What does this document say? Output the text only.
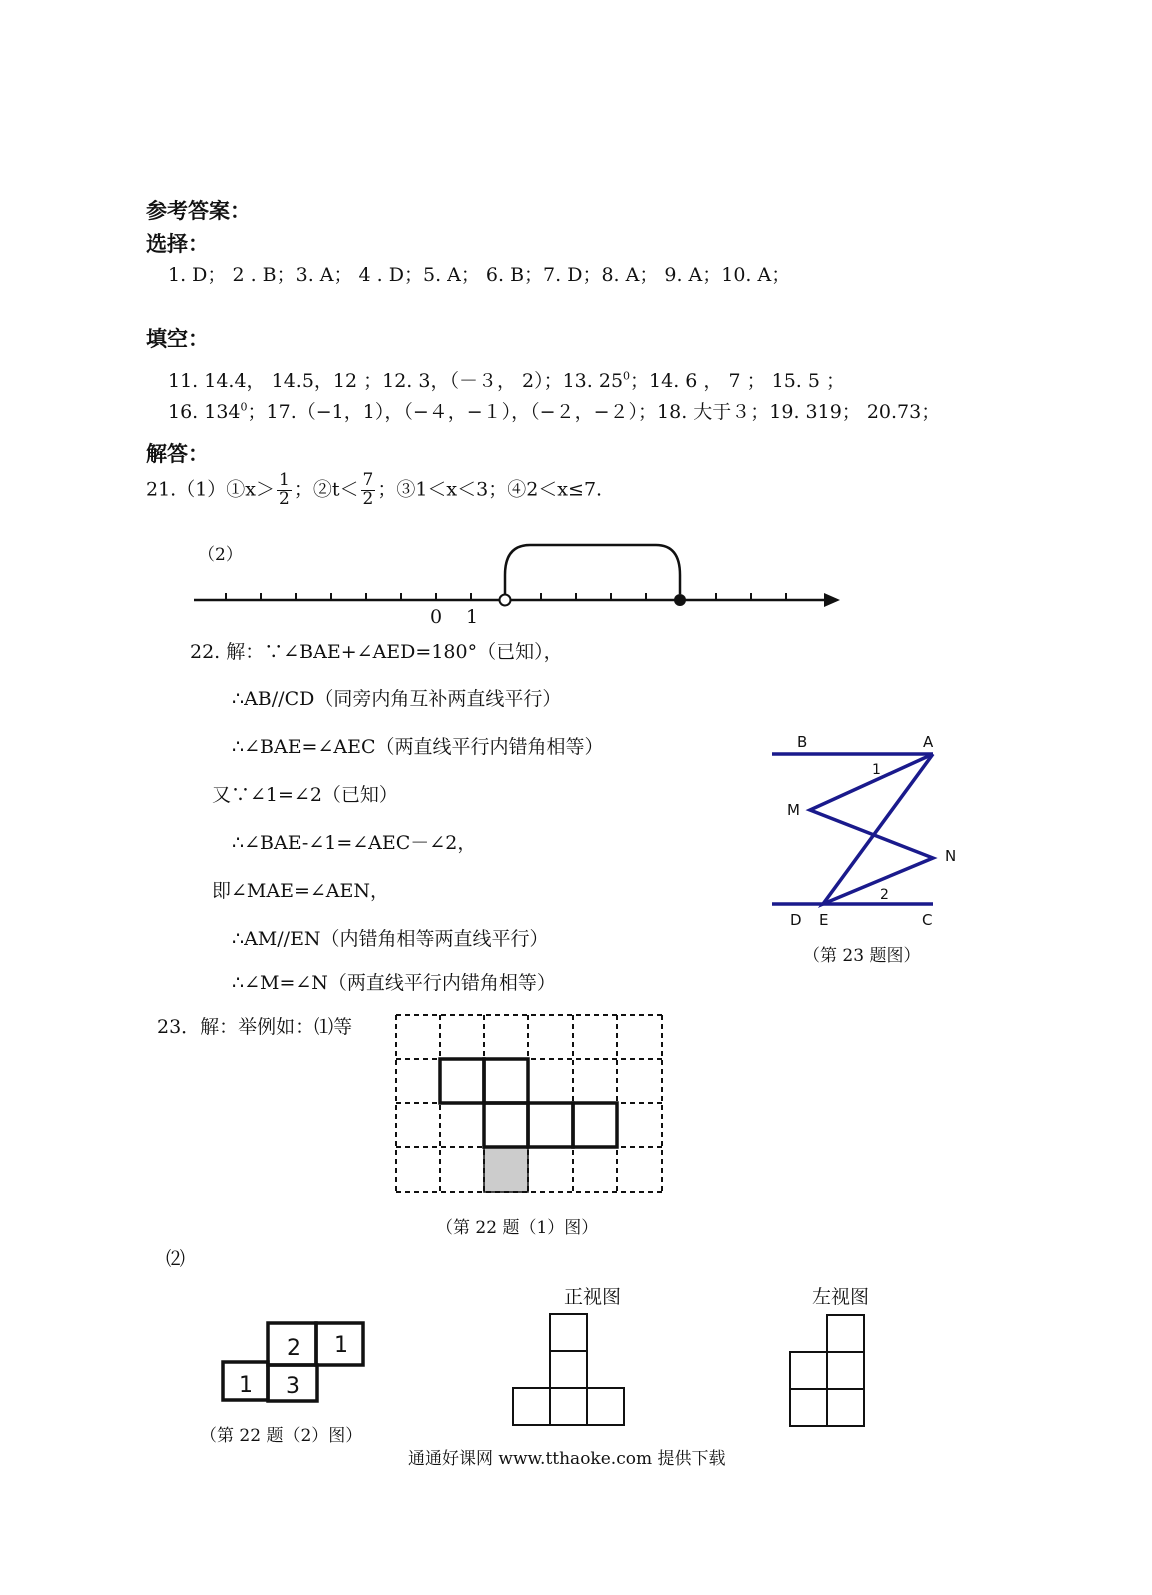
参考答案：
选择：
1. D； 2 . B；3. A； 4 . D；5. A； 6. B；7. D；8. A； 9. A；10. A；
填空：
11. 14.4， 14.5，12 ；12. 3，（－３， 2）；13. $25^0$；14. 6 ， 7 ； 15. 5 ；
16. $134^0$；17.（−1，1），（−４，−１），（−２，−２）；18. 大于３；19. 319； 20.73；
解答：
21.（1）①x＞ $\frac{1}{2}$ ；②t＜ $\frac{7}{2}$ ；③1＜x＜3；④2＜x≤7.
（2）
0 1
22. 解：∵∠BAE+∠AED=180°（已知），
∴AB//CD（同旁内角互补两直线平行）
∴∠BAE=∠AEC（两直线平行内错角相等）
又∵∠1=∠2（已知）
∴∠BAE-∠1=∠AEC－∠2，
即∠MAE=∠AEN，
∴AM//EN（内错角相等两直线平行）
∴∠M=∠N（两直线平行内错角相等）
B	A
1
M
N
2
D E	C
（第 23 题图）
23．解：举例如：⑴等
（第 22 题（1）图）
⑵
2 1
1 3
正视图	左视图
（第 22 题（2）图）
通通好课网 www.tthaoke.com 提供下载
